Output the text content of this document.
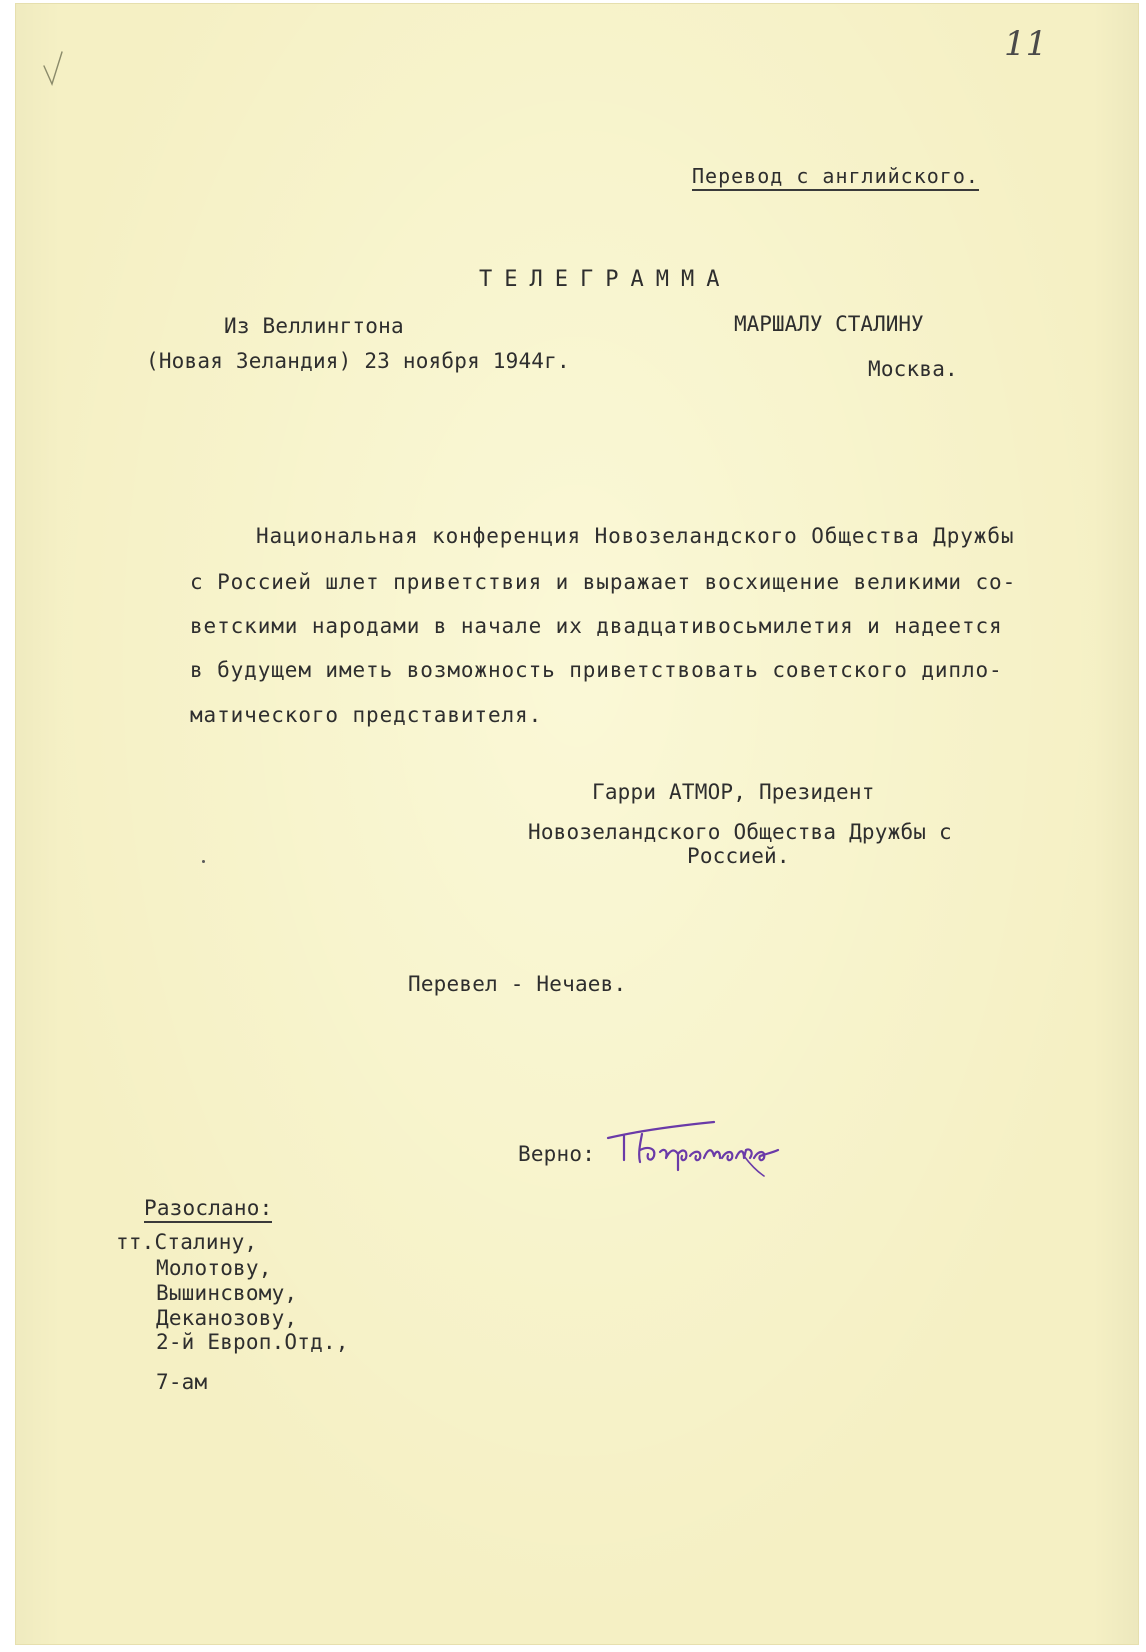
11
Перевод с английского.
ТЕЛЕГРАММА
Из Веллингтона
(Новая Зеландия) 23 ноября 1944г.
МАРШАЛУ СТАЛИНУ
Москва.
Национальная конференция Новозеландского Общества Дружбы
с Россией шлет приветствия и выражает восхищение великими со-
ветскими народами в начале их двадцативосьмилетия и надеется
в будущем иметь возможность приветствовать советского дипло-
матического представителя.
Гарри АТМОР, Президент
Новозеландского Общества Дружбы с
Россией.
Перевел - Нечаев.
Верно:
Разослано:
тт.Сталину,
Молотову,
Вышинсвому,
Деканозову,
2-й Европ.Отд.,
7-ам
